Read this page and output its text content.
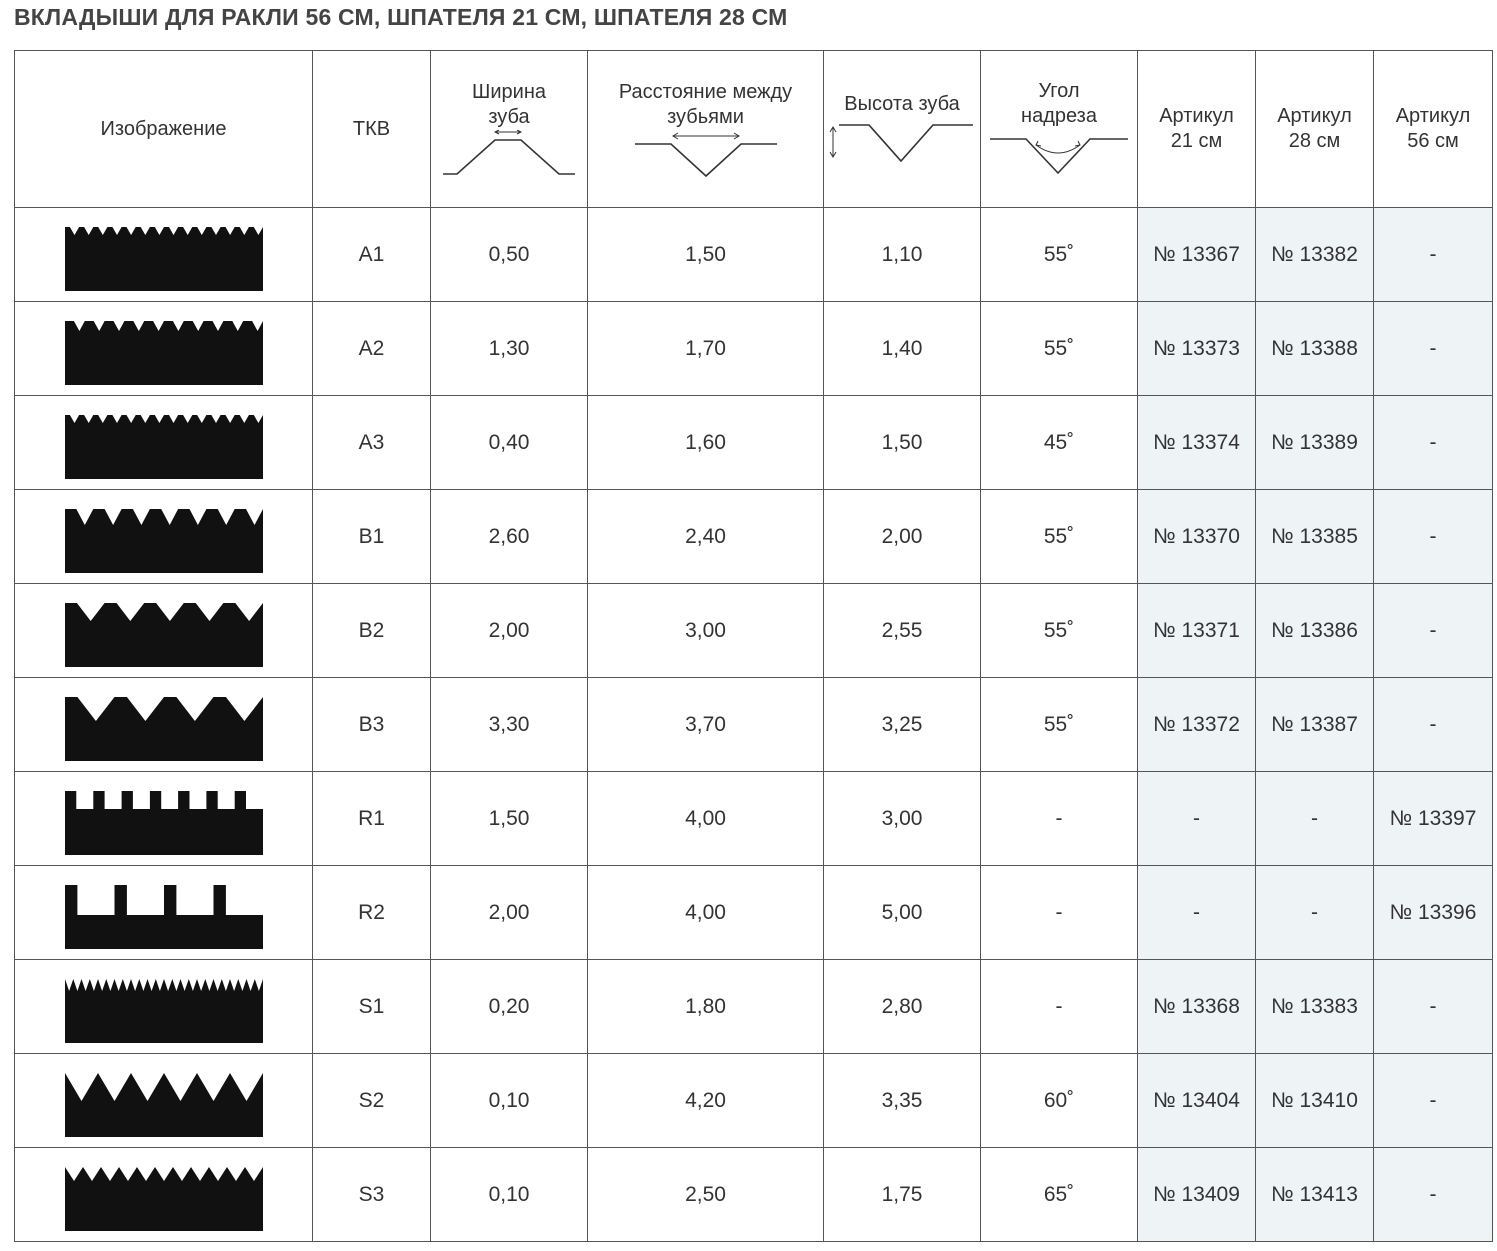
ВКЛАДЫШИ ДЛЯ РАКЛИ 56 СМ, ШПАТЕЛЯ 21 СМ, ШПАТЕЛЯ 28 СМ
Изображение	ТКВ	Ширина зуба	Расстояние между зубьями	Высота зуба	Угол надреза	Артикул 21 см	Артикул 28 см	Артикул 56 см

	A1	0,50	1,50	1,10	55˚	№ 13367	№ 13382	-

	A2	1,30	1,70	1,40	55˚	№ 13373	№ 13388	-

	A3	0,40	1,60	1,50	45˚	№ 13374	№ 13389	-

	B1	2,60	2,40	2,00	55˚	№ 13370	№ 13385	-

	B2	2,00	3,00	2,55	55˚	№ 13371	№ 13386	-

	B3	3,30	3,70	3,25	55˚	№ 13372	№ 13387	-

	R1	1,50	4,00	3,00	-	-	-	№ 13397

	R2	2,00	4,00	5,00	-	-	-	№ 13396

	S1	0,20	1,80	2,80	-	№ 13368	№ 13383	-

	S2	0,10	4,20	3,35	60˚	№ 13404	№ 13410	-

	S3	0,10	2,50	1,75	65˚	№ 13409	№ 13413	-
